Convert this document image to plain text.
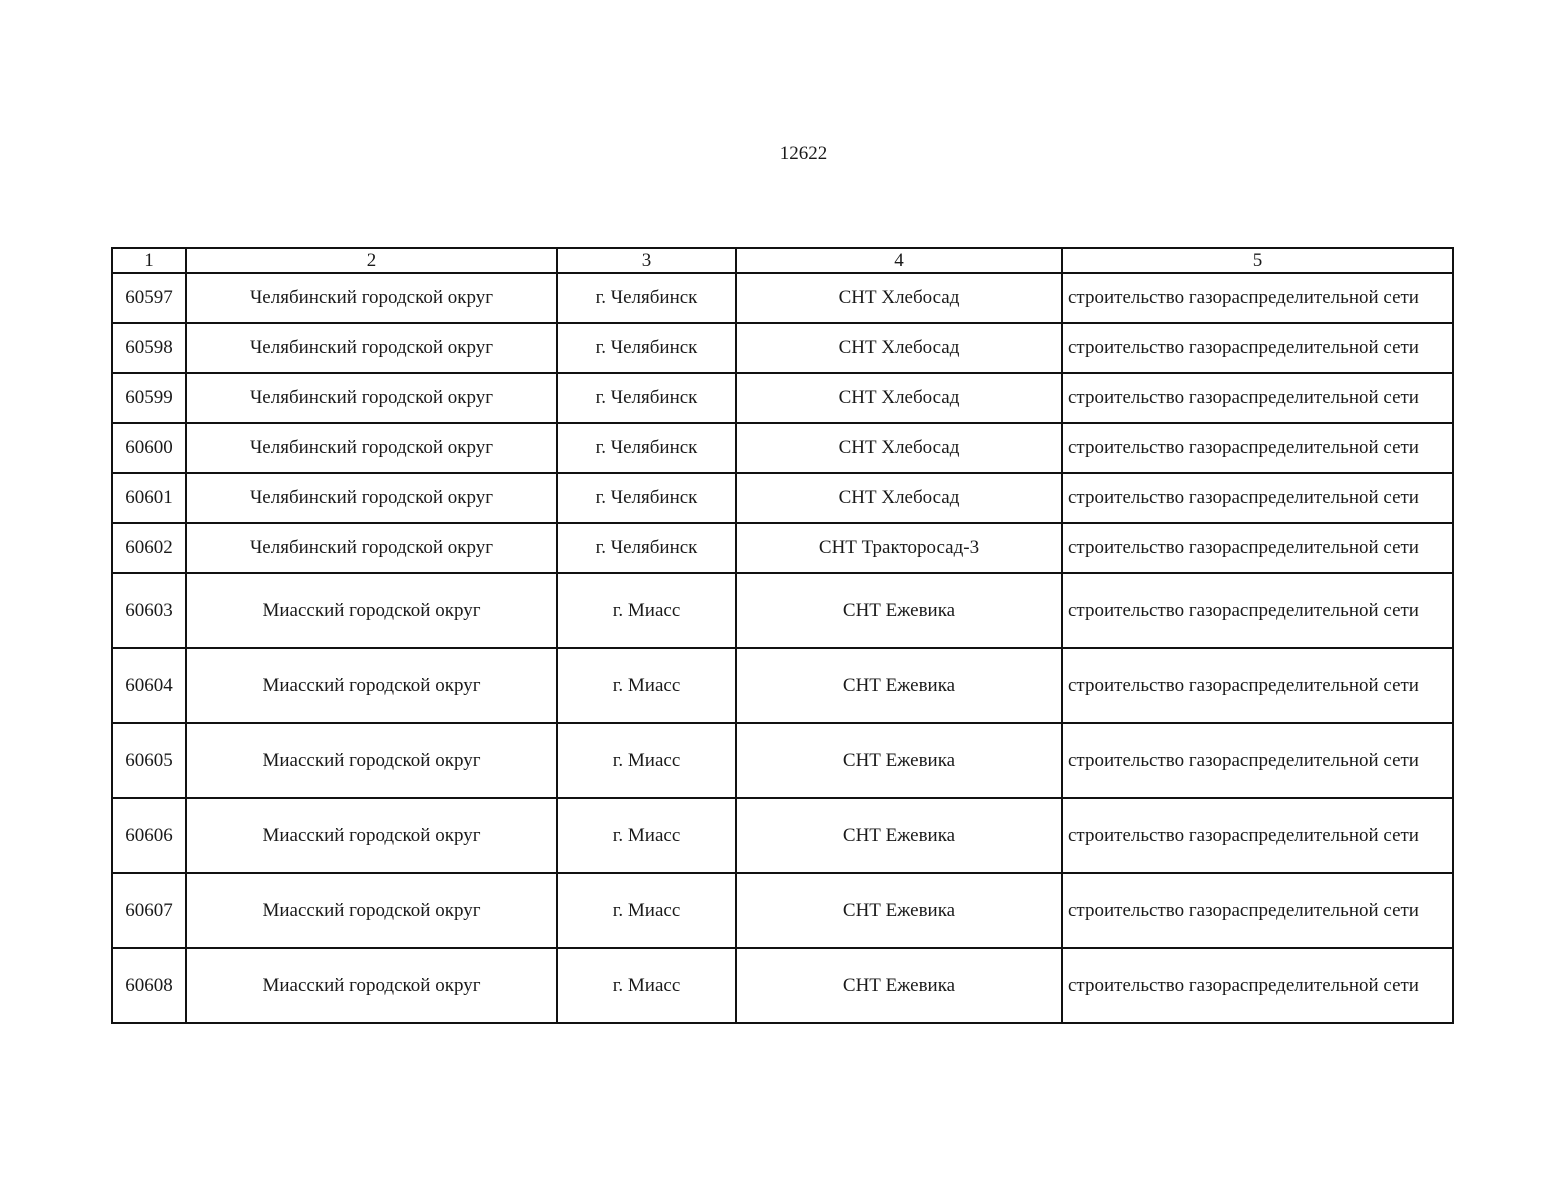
12622
1	2	3	4	5
60597	Челябинский городской округ	г. Челябинск	СНТ Хлебосад	строительство газораспределительной сети
60598	Челябинский городской округ	г. Челябинск	СНТ Хлебосад	строительство газораспределительной сети
60599	Челябинский городской округ	г. Челябинск	СНТ Хлебосад	строительство газораспределительной сети
60600	Челябинский городской округ	г. Челябинск	СНТ Хлебосад	строительство газораспределительной сети
60601	Челябинский городской округ	г. Челябинск	СНТ Хлебосад	строительство газораспределительной сети
60602	Челябинский городской округ	г. Челябинск	СНТ Тракторосад-3	строительство газораспределительной сети
60603	Миасский городской округ	г. Миасс	СНТ Ежевика	строительство газораспределительной сети
60604	Миасский городской округ	г. Миасс	СНТ Ежевика	строительство газораспределительной сети
60605	Миасский городской округ	г. Миасс	СНТ Ежевика	строительство газораспределительной сети
60606	Миасский городской округ	г. Миасс	СНТ Ежевика	строительство газораспределительной сети
60607	Миасский городской округ	г. Миасс	СНТ Ежевика	строительство газораспределительной сети
60608	Миасский городской округ	г. Миасс	СНТ Ежевика	строительство газораспределительной сети
